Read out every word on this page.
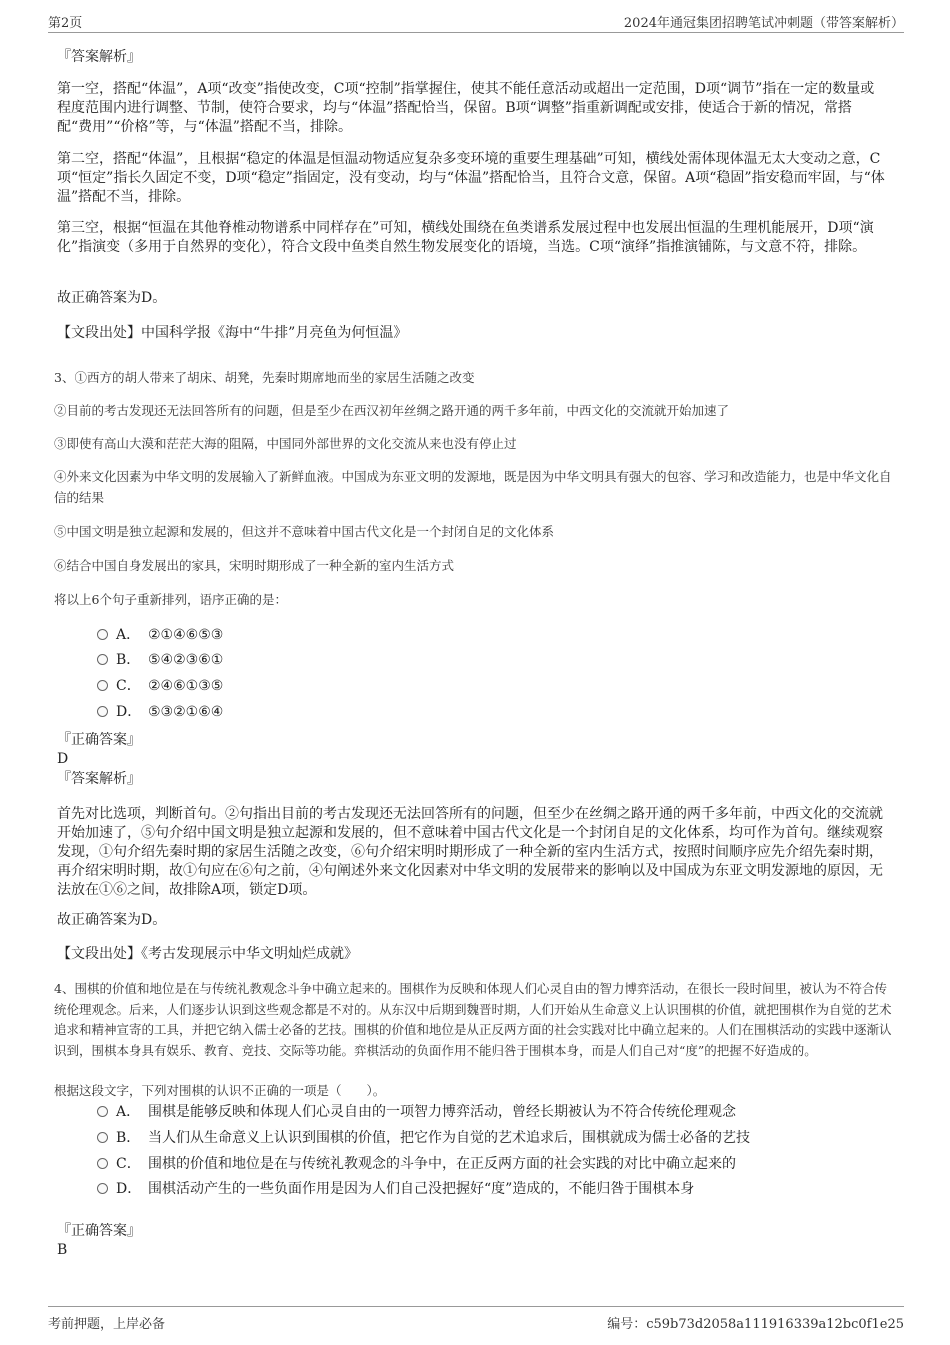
第2页	2024年通冠集团招聘笔试冲刺题（带答案解析）
『答案解析』
第一空，搭配“体温”，A项“改变”指使改变，C项“控制”指掌握住，使其不能任意活动或超出一定范围，D项“调节”指在一定的数量或程度范围内进行调整、节制，使符合要求，均与“体温”搭配恰当，保留。B项“调整”指重新调配或安排，使适合于新的情况，常搭配“费用”“价格”等，与“体温”搭配不当，排除。
第二空，搭配“体温”，且根据“稳定的体温是恒温动物适应复杂多变环境的重要生理基础”可知，横线处需体现体温无太大变动之意，C项“恒定”指长久固定不变，D项“稳定”指固定，没有变动，均与“体温”搭配恰当，且符合文意，保留。A项“稳固”指安稳而牢固，与“体温”搭配不当，排除。
第三空，根据“恒温在其他脊椎动物谱系中同样存在”可知，横线处围绕在鱼类谱系发展过程中也发展出恒温的生理机能展开，D项“演化”指演变（多用于自然界的变化），符合文段中鱼类自然生物发展变化的语境，当选。C项“演绎”指推演铺陈，与文意不符，排除。
故正确答案为D。
【文段出处】中国科学报《海中“牛排”月亮鱼为何恒温》
3、①西方的胡人带来了胡床、胡凳，先秦时期席地而坐的家居生活随之改变
②目前的考古发现还无法回答所有的问题，但是至少在西汉初年丝绸之路开通的两千多年前，中西文化的交流就开始加速了
③即使有高山大漠和茫茫大海的阻隔，中国同外部世界的文化交流从来也没有停止过
④外来文化因素为中华文明的发展输入了新鲜血液。中国成为东亚文明的发源地，既是因为中华文明具有强大的包容、学习和改造能力，也是中华文化自信的结果
⑤中国文明是独立起源和发展的，但这并不意味着中国古代文化是一个封闭自足的文化体系
⑥结合中国自身发展出的家具，宋明时期形成了一种全新的室内生活方式
将以上6个句子重新排列，语序正确的是：
A． ②①④⑥⑤③
B． ⑤④②③⑥①
C． ②④⑥①③⑤
D． ⑤③②①⑥④
『正确答案』
D
『答案解析』
首先对比选项，判断首句。②句指出目前的考古发现还无法回答所有的问题，但至少在丝绸之路开通的两千多年前，中西文化的交流就开始加速了，⑤句介绍中国文明是独立起源和发展的，但不意味着中国古代文化是一个封闭自足的文化体系，均可作为首句。继续观察发现，①句介绍先秦时期的家居生活随之改变，⑥句介绍宋明时期形成了一种全新的室内生活方式，按照时间顺序应先介绍先秦时期，再介绍宋明时期，故①句应在⑥句之前，④句阐述外来文化因素对中华文明的发展带来的影响以及中国成为东亚文明发源地的原因，无法放在①⑥之间，故排除A项，锁定D项。
故正确答案为D。
【文段出处】《考古发现展示中华文明灿烂成就》
4、围棋的价值和地位是在与传统礼教观念斗争中确立起来的。围棋作为反映和体现人们心灵自由的智力博弈活动，在很长一段时间里，被认为不符合传统伦理观念。后来，人们逐步认识到这些观念都是不对的。从东汉中后期到魏晋时期，人们开始从生命意义上认识围棋的价值，就把围棋作为自觉的艺术追求和精神宣寄的工具，并把它纳入儒士必备的艺技。围棋的价值和地位是从正反两方面的社会实践对比中确立起来的。人们在围棋活动的实践中逐渐认识到，围棋本身具有娱乐、教育、竞技、交际等功能。弈棋活动的负面作用不能归咎于围棋本身，而是人们自己对“度”的把握不好造成的。
根据这段文字，下列对围棋的认识不正确的一项是（　　）。
A． 围棋是能够反映和体现人们心灵自由的一项智力博弈活动，曾经长期被认为不符合传统伦理观念
B． 当人们从生命意义上认识到围棋的价值，把它作为自觉的艺术追求后，围棋就成为儒士必备的艺技
C． 围棋的价值和地位是在与传统礼教观念的斗争中，在正反两方面的社会实践的对比中确立起来的
D． 围棋活动产生的一些负面作用是因为人们自己没把握好“度”造成的，不能归咎于围棋本身
『正确答案』
B
考前押题，上岸必备	编号：c59b73d2058a111916339a12bc0f1e25
